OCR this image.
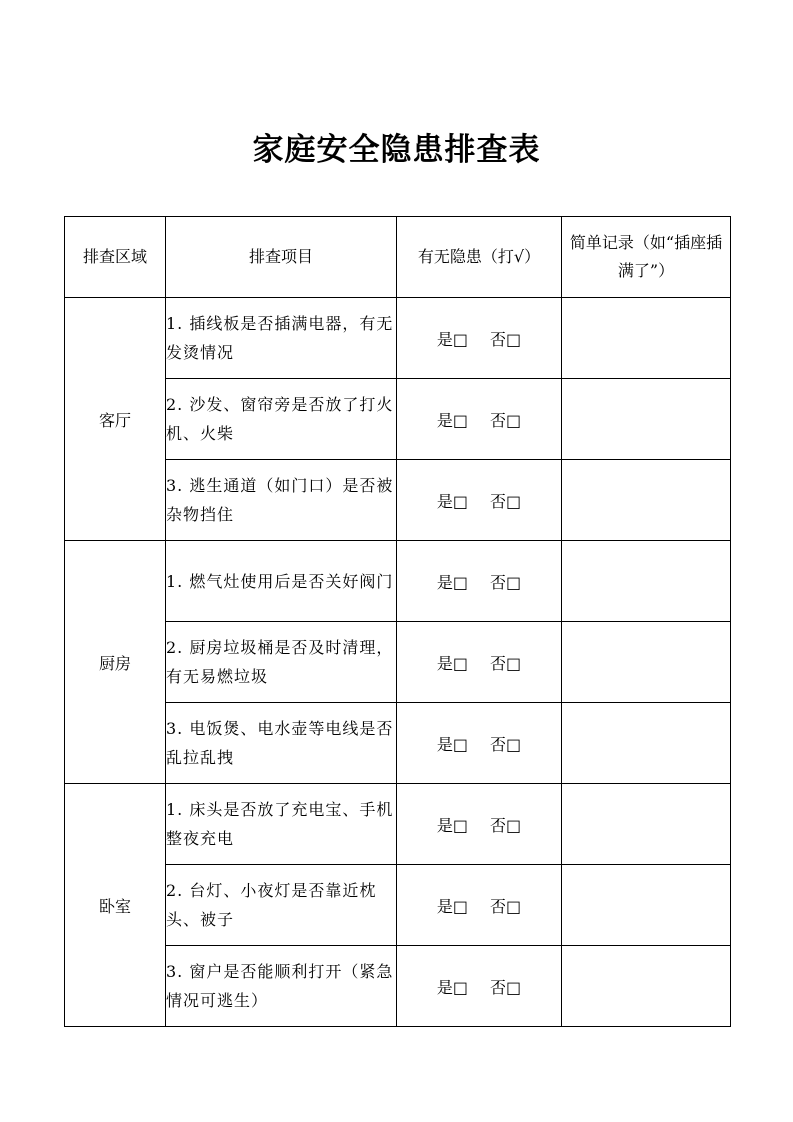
家庭安全隐患排查表
排查区域	排查项目	有无隐患（打√）	简单记录（如“插座插满了”）
客厅	1. 插线板是否插满电器，有无发烫情况	是□ 否□	
	2. 沙发、窗帘旁是否放了打火机、火柴	是□ 否□	
	3. 逃生通道（如门口）是否被杂物挡住	是□ 否□	
厨房	1. 燃气灶使用后是否关好阀门	是□ 否□	
	2. 厨房垃圾桶是否及时清理，有无易燃垃圾	是□ 否□	
	3. 电饭煲、电水壶等电线是否乱拉乱拽	是□ 否□	
卧室	1. 床头是否放了充电宝、手机整夜充电	是□ 否□	
	2. 台灯、小夜灯是否靠近枕头、被子	是□ 否□	
	3. 窗户是否能顺利打开（紧急情况可逃生）	是□ 否□	
